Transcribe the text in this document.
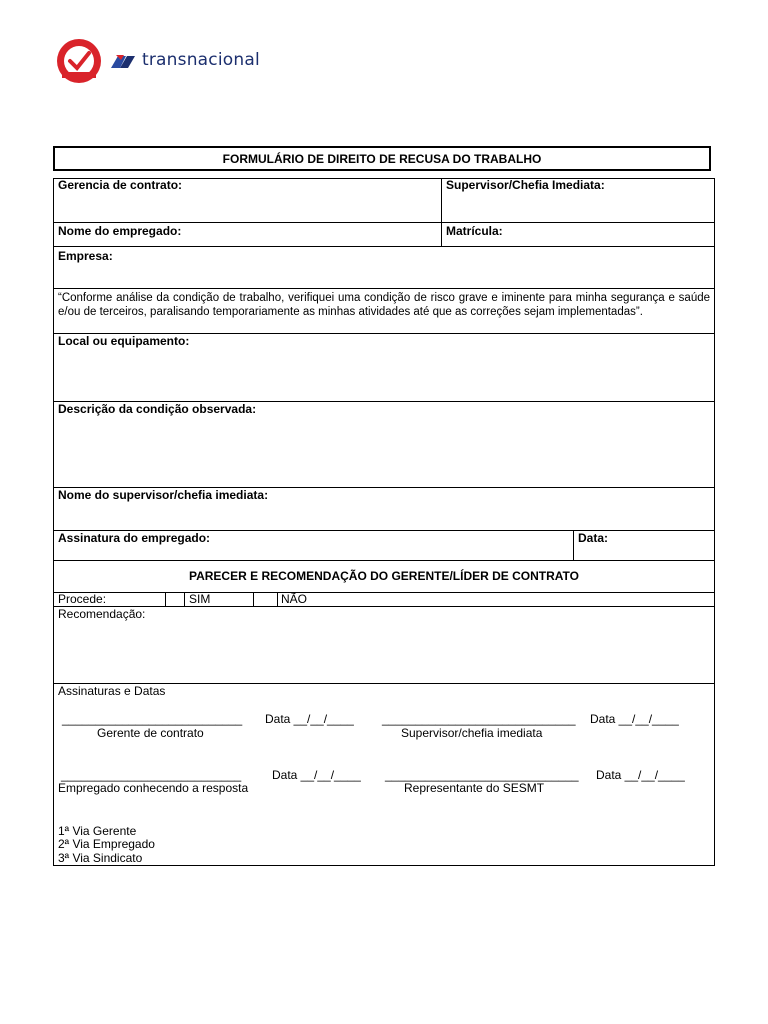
transnacional
FORMULÁRIO DE DIREITO DE RECUSA DO TRABALHO
Gerencia de contrato:	Supervisor/Chefia Imediata:
Nome do empregado:	Matrícula:
Empresa:
“Conforme análise da condição de trabalho, verifiquei uma condição de risco grave e iminente para minha segurança e saúde e/ou de terceiros, paralisando temporariamente as minhas atividades até que as correções sejam implementadas”.
Local ou equipamento:
Descrição da condição observada:
Nome do supervisor/chefia imediata:
Assinatura do empregado:	Data:
PARECER E RECOMENDAÇÃO DO GERENTE/LÍDER DE CONTRATO
Procede:	SIM	NÃO
Recomendação:
Assinaturas e Datas
___________________________ Data __/__/____ _____________________________ Data __/__/____
Gerente de contrato	Supervisor/chefia imediata
___________________________	Data __/__/____ _____________________________ Data __/__/____
Empregado conhecendo a resposta	Representante do SESMT
1ª Via Gerente
2ª Via Empregado
3ª Via Sindicato
